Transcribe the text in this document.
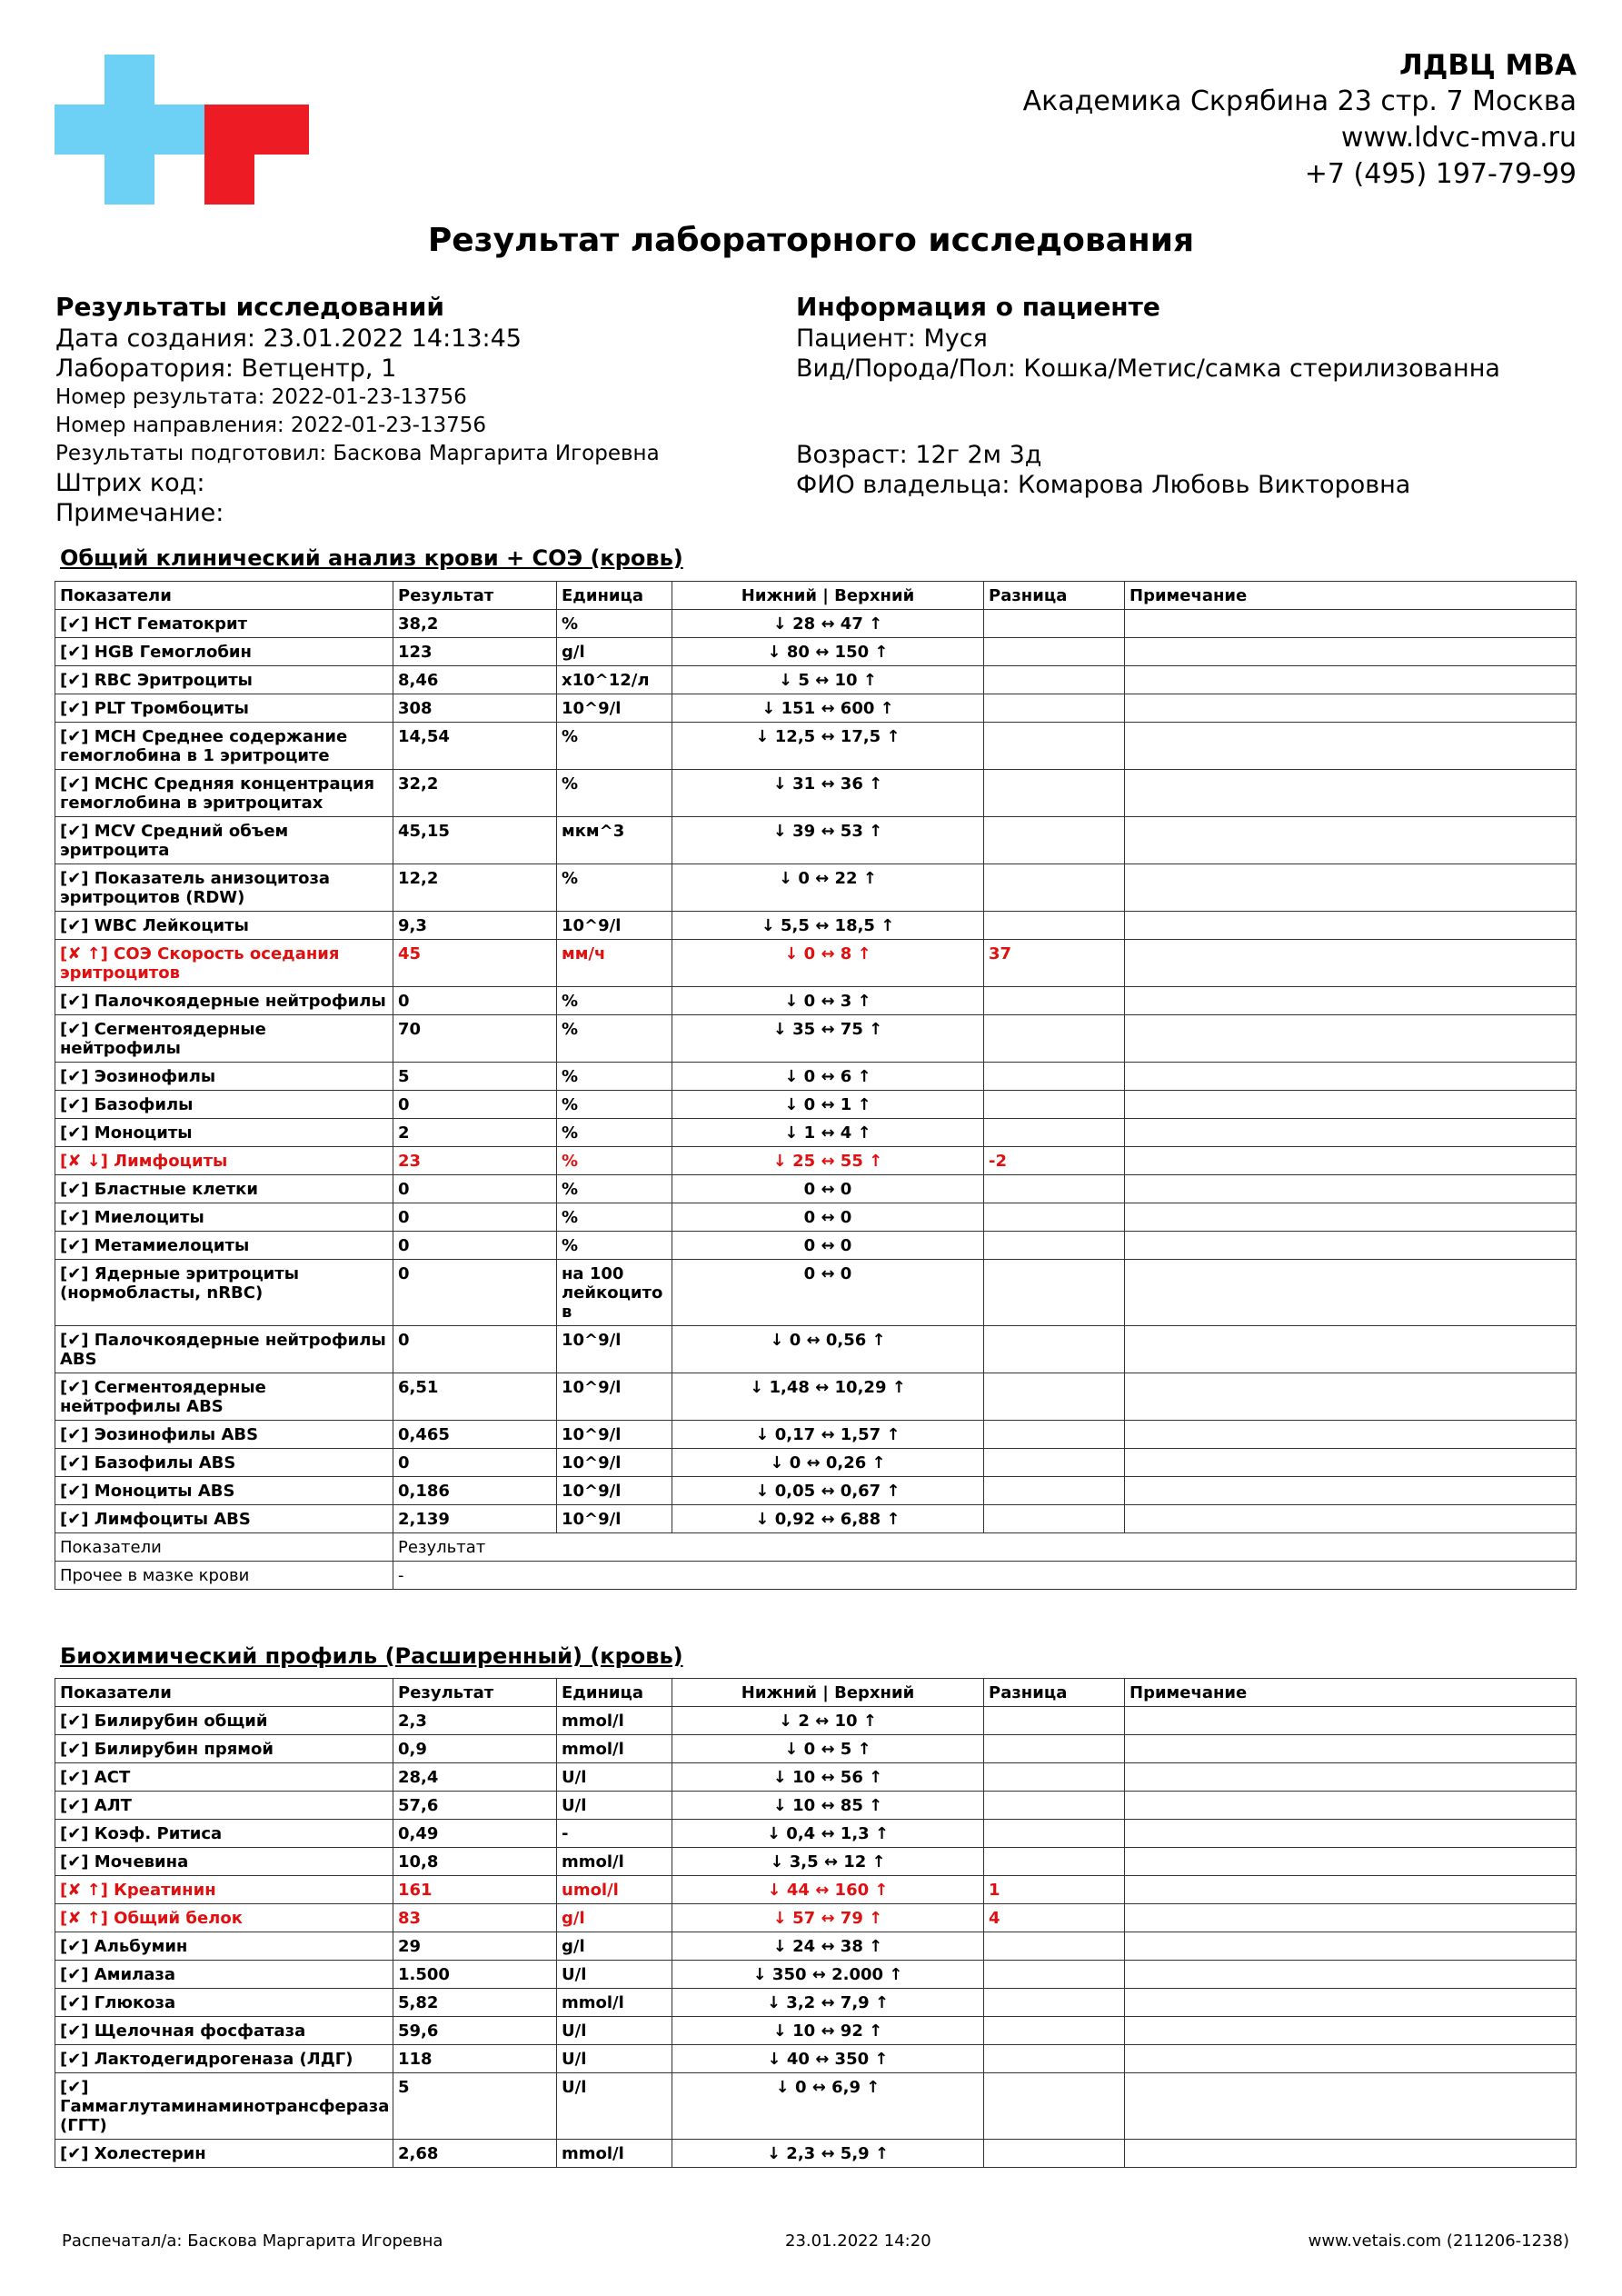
ЛДВЦ МВА
Академика Скрябина 23 стр. 7 Москва
www.ldvc-mva.ru
+7 (495) 197-79-99
Результат лабораторного исследования
Результаты исследований
Дата создания: 23.01.2022 14:13:45
Лаборатория: Ветцентр, 1
Номер результата: 2022-01-23-13756
Номер направления: 2022-01-23-13756
Результаты подготовил: Баскова Маргарита Игоревна
Штрих код:
Примечание:
Информация о пациенте
Пациент: Муся
Вид/Порода/Пол: Кошка/Метис/самка стерилизованна
Возраст: 12г 2м 3д
ФИО владельца: Комарова Любовь Викторовна
Общий клинический анализ крови + СОЭ (кровь)
Показатели	Результат	Единица	Нижний | Верхний	Разница	Примечание
[✔] HCT Гематокрит	38,2	%	↓ 28 ↔ 47 ↑		
[✔] HGB Гемоглобин	123	g/l	↓ 80 ↔ 150 ↑		
[✔] RBC Эритроциты	8,46	x10^12/л	↓ 5 ↔ 10 ↑		
[✔] PLT Тромбоциты	308	10^9/l	↓ 151 ↔ 600 ↑		
[✔] MCH Среднее содержание гемоглобина в 1 эритроците	14,54	%	↓ 12,5 ↔ 17,5 ↑		
[✔] MCHC Средняя концентрация гемоглобина в эритроцитах	32,2	%	↓ 31 ↔ 36 ↑		
[✔] MCV Средний объем эритроцита	45,15	мкм^3	↓ 39 ↔ 53 ↑		
[✔] Показатель анизоцитоза эритроцитов (RDW)	12,2	%	↓ 0 ↔ 22 ↑		
[✔] WBC Лейкоциты	9,3	10^9/l	↓ 5,5 ↔ 18,5 ↑		
[✘ ↑] СОЭ Скорость оседания эритроцитов	45	мм/ч	↓ 0 ↔ 8 ↑	37	
[✔] Палочкоядерные нейтрофилы	0	%	↓ 0 ↔ 3 ↑		
[✔] Сегментоядерные нейтрофилы	70	%	↓ 35 ↔ 75 ↑		
[✔] Эозинофилы	5	%	↓ 0 ↔ 6 ↑		
[✔] Базофилы	0	%	↓ 0 ↔ 1 ↑		
[✔] Моноциты	2	%	↓ 1 ↔ 4 ↑		
[✘ ↓] Лимфоциты	23	%	↓ 25 ↔ 55 ↑	-2	
[✔] Бластные клетки	0	%	0 ↔ 0		
[✔] Миелоциты	0	%	0 ↔ 0		
[✔] Метамиелоциты	0	%	0 ↔ 0		
[✔] Ядерные эритроциты (нормобласты, nRBC)	0	на 100 лейкоцито в	0 ↔ 0		
[✔] Палочкоядерные нейтрофилы ABS	0	10^9/l	↓ 0 ↔ 0,56 ↑		
[✔] Сегментоядерные нейтрофилы ABS	6,51	10^9/l	↓ 1,48 ↔ 10,29 ↑		
[✔] Эозинофилы ABS	0,465	10^9/l	↓ 0,17 ↔ 1,57 ↑		
[✔] Базофилы ABS	0	10^9/l	↓ 0 ↔ 0,26 ↑		
[✔] Моноциты ABS	0,186	10^9/l	↓ 0,05 ↔ 0,67 ↑		
[✔] Лимфоциты ABS	2,139	10^9/l	↓ 0,92 ↔ 6,88 ↑		
Показатели	Результат				
Прочее в мазке крови	-				
Биохимический профиль (Расширенный) (кровь)
Показатели	Результат	Единица	Нижний | Верхний	Разница	Примечание
[✔] Билирубин общий	2,3	mmol/l	↓ 2 ↔ 10 ↑		
[✔] Билирубин прямой	0,9	mmol/l	↓ 0 ↔ 5 ↑		
[✔] АСТ	28,4	U/l	↓ 10 ↔ 56 ↑		
[✔] АЛТ	57,6	U/l	↓ 10 ↔ 85 ↑		
[✔] Коэф. Ритиса	0,49	-	↓ 0,4 ↔ 1,3 ↑		
[✔] Мочевина	10,8	mmol/l	↓ 3,5 ↔ 12 ↑		
[✘ ↑] Креатинин	161	umol/l	↓ 44 ↔ 160 ↑	1	
[✘ ↑] Общий белок	83	g/l	↓ 57 ↔ 79 ↑	4	
[✔] Альбумин	29	g/l	↓ 24 ↔ 38 ↑		
[✔] Амилаза	1.500	U/l	↓ 350 ↔ 2.000 ↑		
[✔] Глюкоза	5,82	mmol/l	↓ 3,2 ↔ 7,9 ↑		
[✔] Щелочная фосфатаза	59,6	U/l	↓ 10 ↔ 92 ↑		
[✔] Лактодегидрогеназа (ЛДГ)	118	U/l	↓ 40 ↔ 350 ↑		
[✔] Гаммаглутаминаминотрансфераза (ГГТ)	5	U/l	↓ 0 ↔ 6,9 ↑		
[✔] Холестерин	2,68	mmol/l	↓ 2,3 ↔ 5,9 ↑		
Распечатал/а: Баскова Маргарита Игоревна	23.01.2022 14:20	www.vetais.com (211206-1238)
